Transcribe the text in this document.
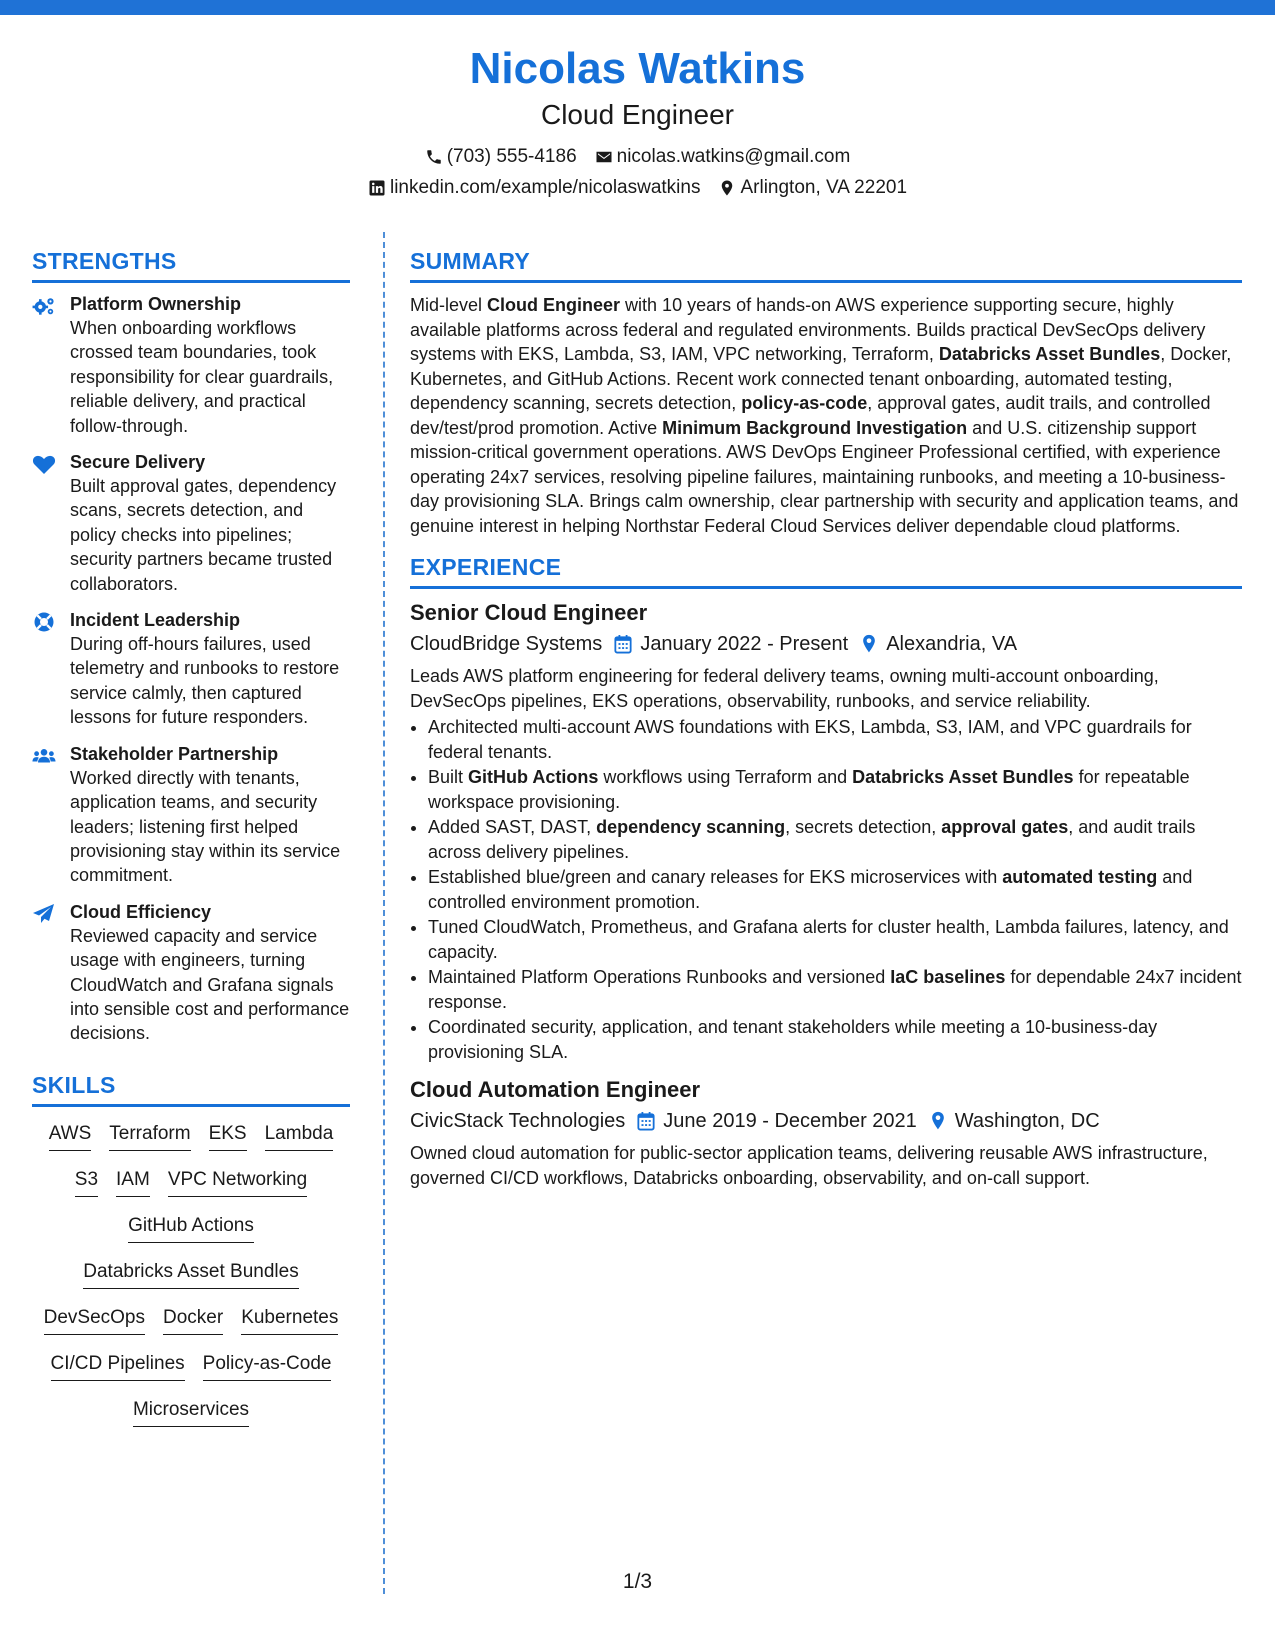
Nicolas Watkins
Cloud Engineer
(703) 555-4186 nicolas.watkins@gmail.com
linkedin.com/example/nicolaswatkins Arlington, VA 22201
STRENGTHS
Platform Ownership
When onboarding workflows crossed team boundaries, took responsibility for clear guardrails, reliable delivery, and practical follow-through.
Secure Delivery
Built approval gates, dependency scans, secrets detection, and policy checks into pipelines; security partners became trusted collaborators.
Incident Leadership
During off-hours failures, used telemetry and runbooks to restore service calmly, then captured lessons for future responders.
Stakeholder Partnership
Worked directly with tenants, application teams, and security leaders; listening first helped provisioning stay within its service commitment.
Cloud Efficiency
Reviewed capacity and service usage with engineers, turning CloudWatch and Grafana signals into sensible cost and performance decisions.
SKILLS
AWS Terraform EKS Lambda
S3 IAM VPC Networking
GitHub Actions
Databricks Asset Bundles
DevSecOps Docker Kubernetes
CI/CD Pipelines Policy-as-Code
Microservices
SUMMARY
Mid-level Cloud Engineer with 10 years of hands-on AWS experience supporting secure, highly available platforms across federal and regulated environments. Builds practical DevSecOps delivery systems with EKS, Lambda, S3, IAM, VPC networking, Terraform, Databricks Asset Bundles, Docker, Kubernetes, and GitHub Actions. Recent work connected tenant onboarding, automated testing, dependency scanning, secrets detection, policy-as-code, approval gates, audit trails, and controlled dev/test/prod promotion. Active Minimum Background Investigation and U.S. citizenship support mission-critical government operations. AWS DevOps Engineer Professional certified, with experience operating 24x7 services, resolving pipeline failures, maintaining runbooks, and meeting a 10-business-day provisioning SLA. Brings calm ownership, clear partnership with security and application teams, and genuine interest in helping Northstar Federal Cloud Services deliver dependable cloud platforms.
EXPERIENCE
Senior Cloud Engineer
CloudBridge Systems January 2022 - Present Alexandria, VA
Leads AWS platform engineering for federal delivery teams, owning multi-account onboarding, DevSecOps pipelines, EKS operations, observability, runbooks, and service reliability.
• Architected multi-account AWS foundations with EKS, Lambda, S3, IAM, and VPC guardrails for federal tenants.
• Built GitHub Actions workflows using Terraform and Databricks Asset Bundles for repeatable workspace provisioning.
• Added SAST, DAST, dependency scanning, secrets detection, approval gates, and audit trails across delivery pipelines.
• Established blue/green and canary releases for EKS microservices with automated testing and controlled environment promotion.
• Tuned CloudWatch, Prometheus, and Grafana alerts for cluster health, Lambda failures, latency, and capacity.
• Maintained Platform Operations Runbooks and versioned IaC baselines for dependable 24x7 incident response.
• Coordinated security, application, and tenant stakeholders while meeting a 10-business-day provisioning SLA.
Cloud Automation Engineer
CivicStack Technologies June 2019 - December 2021 Washington, DC
Owned cloud automation for public-sector application teams, delivering reusable AWS infrastructure, governed CI/CD workflows, Databricks onboarding, observability, and on-call support.
1/3
